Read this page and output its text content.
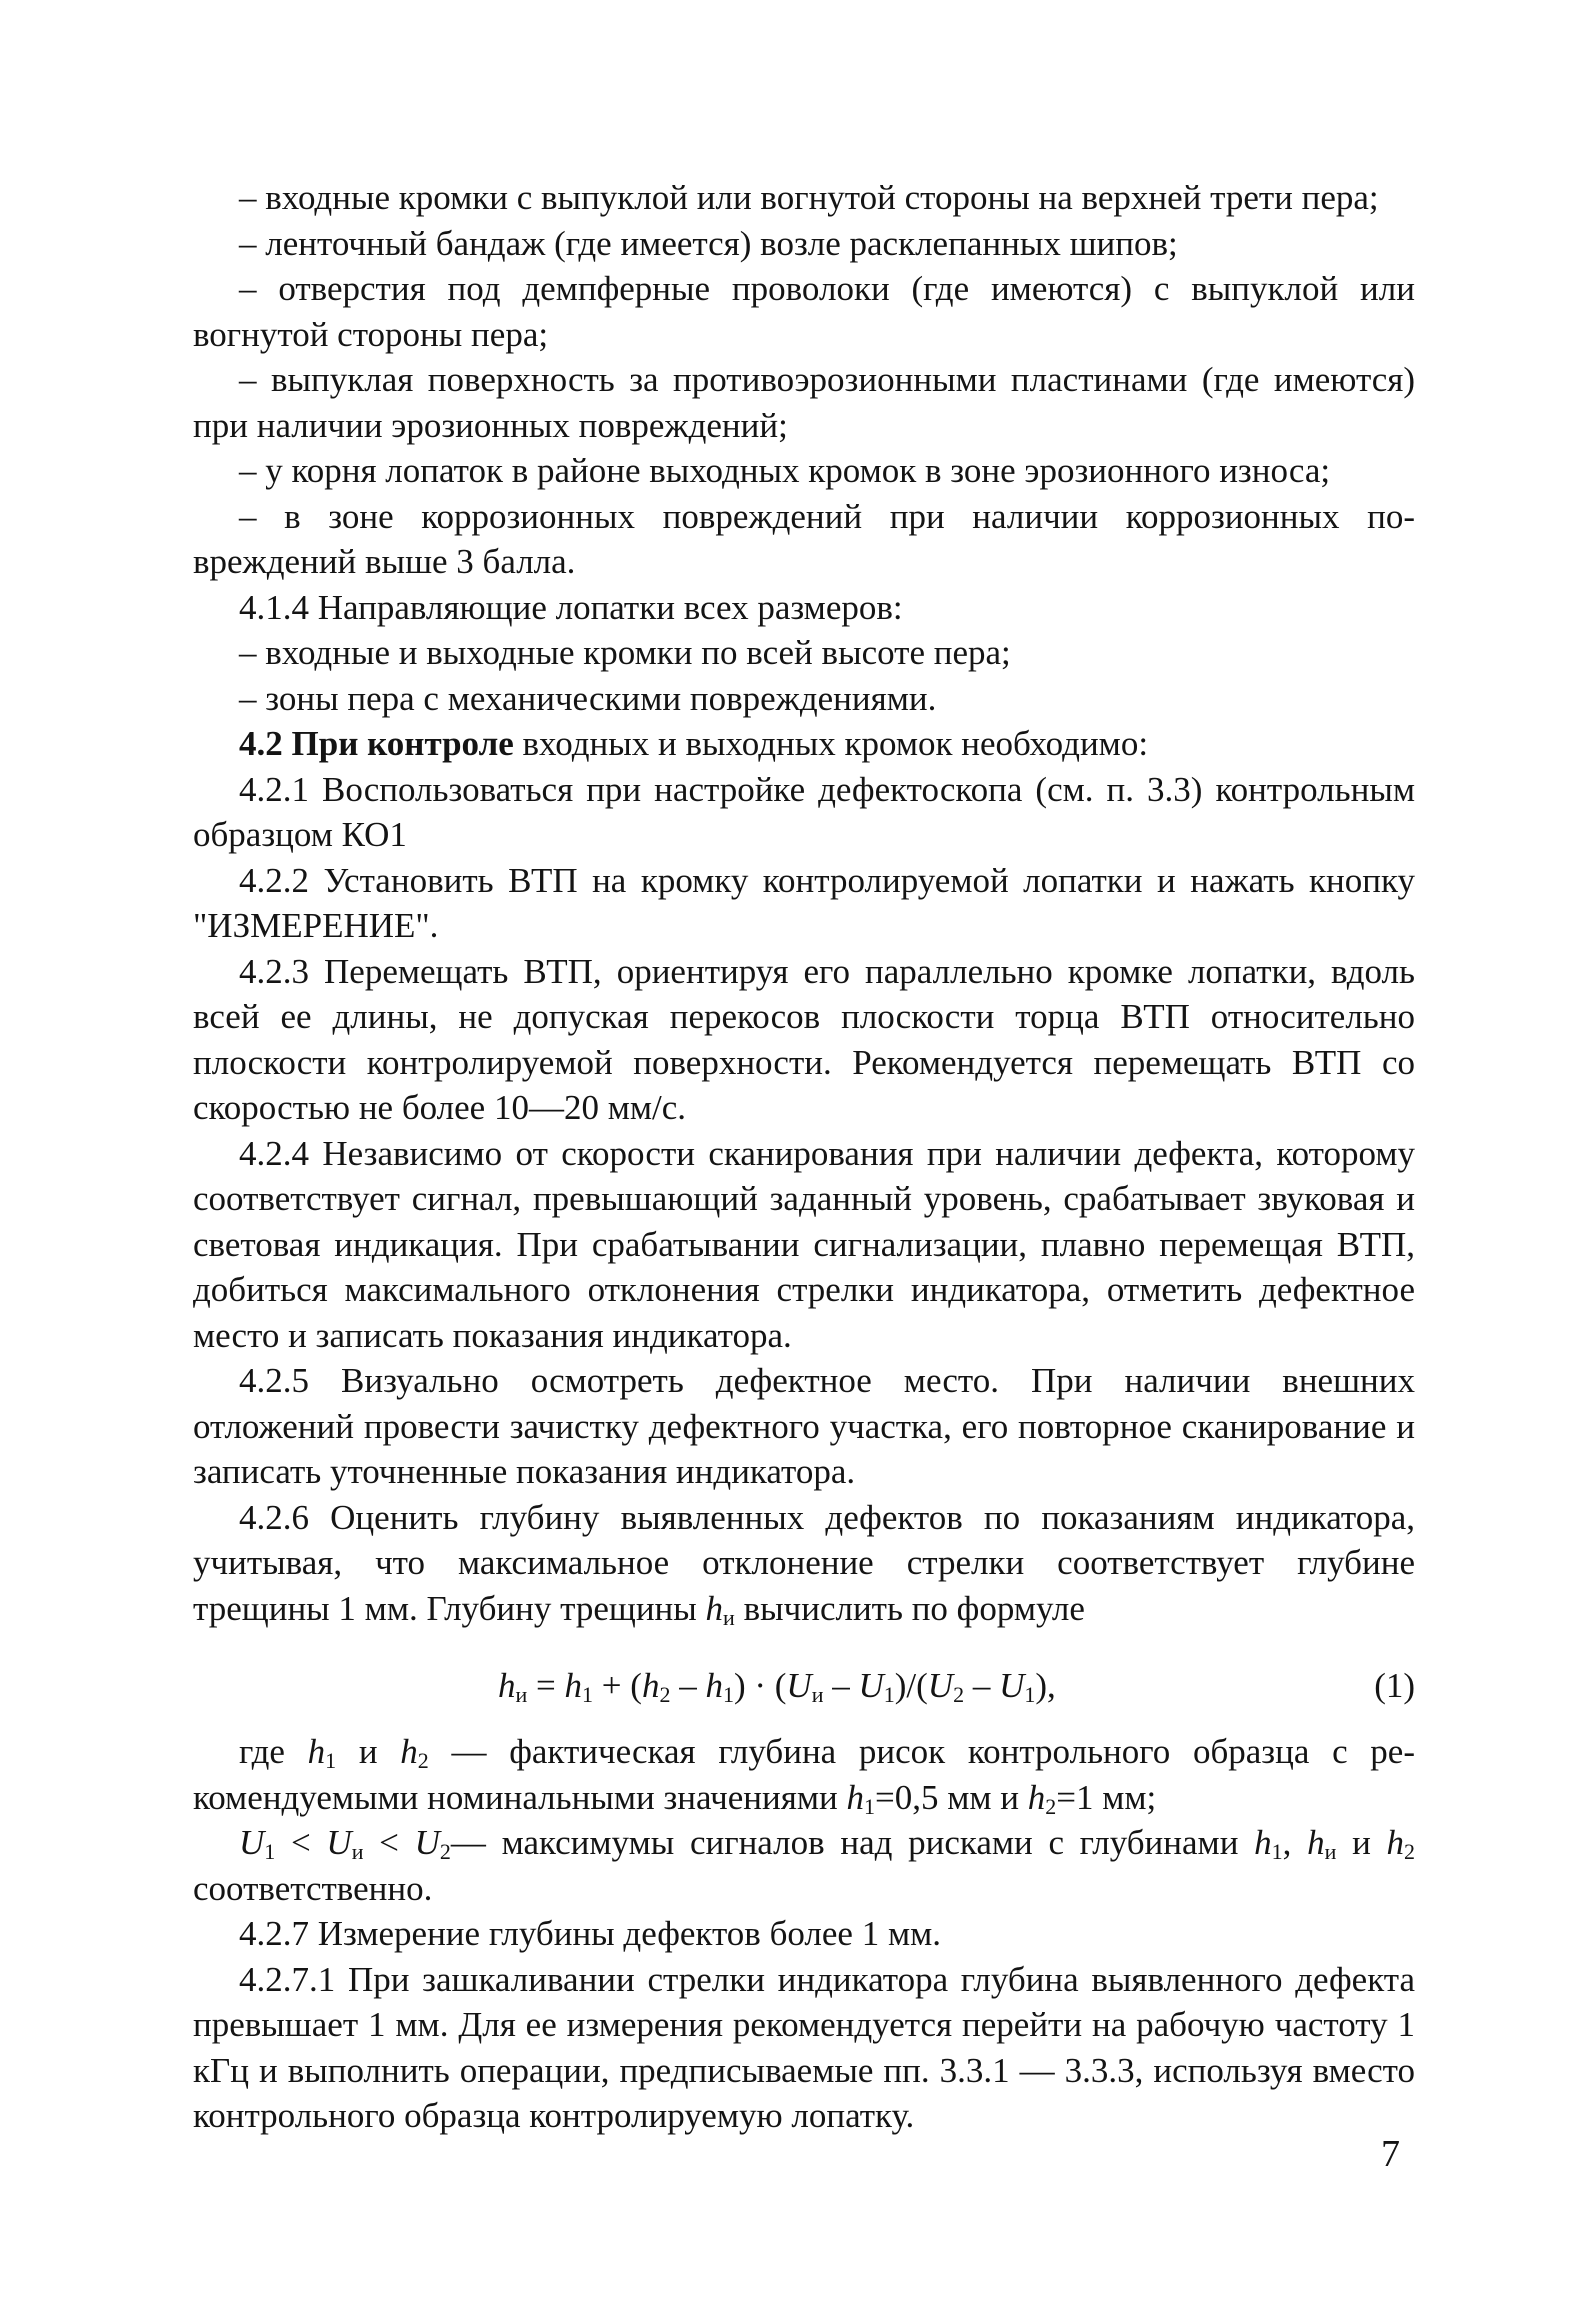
– входные кромки с выпуклой или вогнутой стороны на верхней трети пера;

– ленточный бандаж (где имеется) возле расклепанных шипов;

– отверстия под демпферные проволоки (где имеются) с выпуклой или вогнутой стороны пера;

– выпуклая поверхность за противоэрозионными пластинами (где имеются) при наличии эрозионных повреждений;

– у корня лопаток в районе выходных кромок в зоне эрозионного износа;

– в зоне коррозионных повреждений при наличии коррозионных повреждений выше 3 балла.

4.1.4 Направляющие лопатки всех размеров:

– входные и выходные кромки по всей высоте пера;

– зоны пера с механическими повреждениями.

4.2 При контроле входных и выходных кромок необходимо:

4.2.1 Воспользоваться при настройке дефектоскопа (см. п. 3.3) контрольным образцом КО1

4.2.2 Установить ВТП на кромку контролируемой лопатки и нажать кнопку "ИЗМЕРЕНИЕ".

4.2.3 Перемещать ВТП, ориентируя его параллельно кромке лопатки, вдоль всей ее длины, не допуская перекосов плоскости торца ВТП относительно плоскости контролируемой поверхности. Рекомендуется перемещать ВТП со скоростью не более 10—20 мм/с.

4.2.4 Независимо от скорости сканирования при наличии дефекта, которому соответствует сигнал, превышающий заданный уровень, срабатывает звуковая и световая индикация. При срабатывании сигнализации, плавно перемещая ВТП, добиться максимального отклонения стрелки индикатора, отметить дефектное место и записать показания индикатора.

4.2.5 Визуально осмотреть дефектное место. При наличии внешних отложений провести зачистку дефектного участка, его повторное сканирование и записать уточненные показания индикатора.

4.2.6 Оценить глубину выявленных дефектов по показаниям индикатора, учитывая, что максимальное отклонение стрелки соответствует глубине трещины 1 мм. Глубину трещины $h_и$ вычислить по формуле

$h_и = h_1 + (h_2 - h_1) \cdot (U_и - U_1)/(U_2 - U_1)$,	(1)

где $h_1$ и $h_2$ — фактическая глубина рисок контрольного образца с рекомендуемыми номинальными значениями $h_1=0,5$ мм и $h_2=1$ мм;

$U_1 < U_и$ < $U_2—$ максимумы сигналов над рисками с глубинами $h_1$, $h_и$ и $h_2$ соответственно.

4.2.7 Измерение глубины дефектов более 1 мм.

4.2.7.1 При зашкаливании стрелки индикатора глубина выявленного дефекта превышает 1 мм. Для ее измерения рекомендуется перейти на рабочую частоту 1 кГц и выполнить операции, предписываемые пп. 3.3.1 — 3.3.3, используя вместо контрольного образца контролируемую лопатку.

7
